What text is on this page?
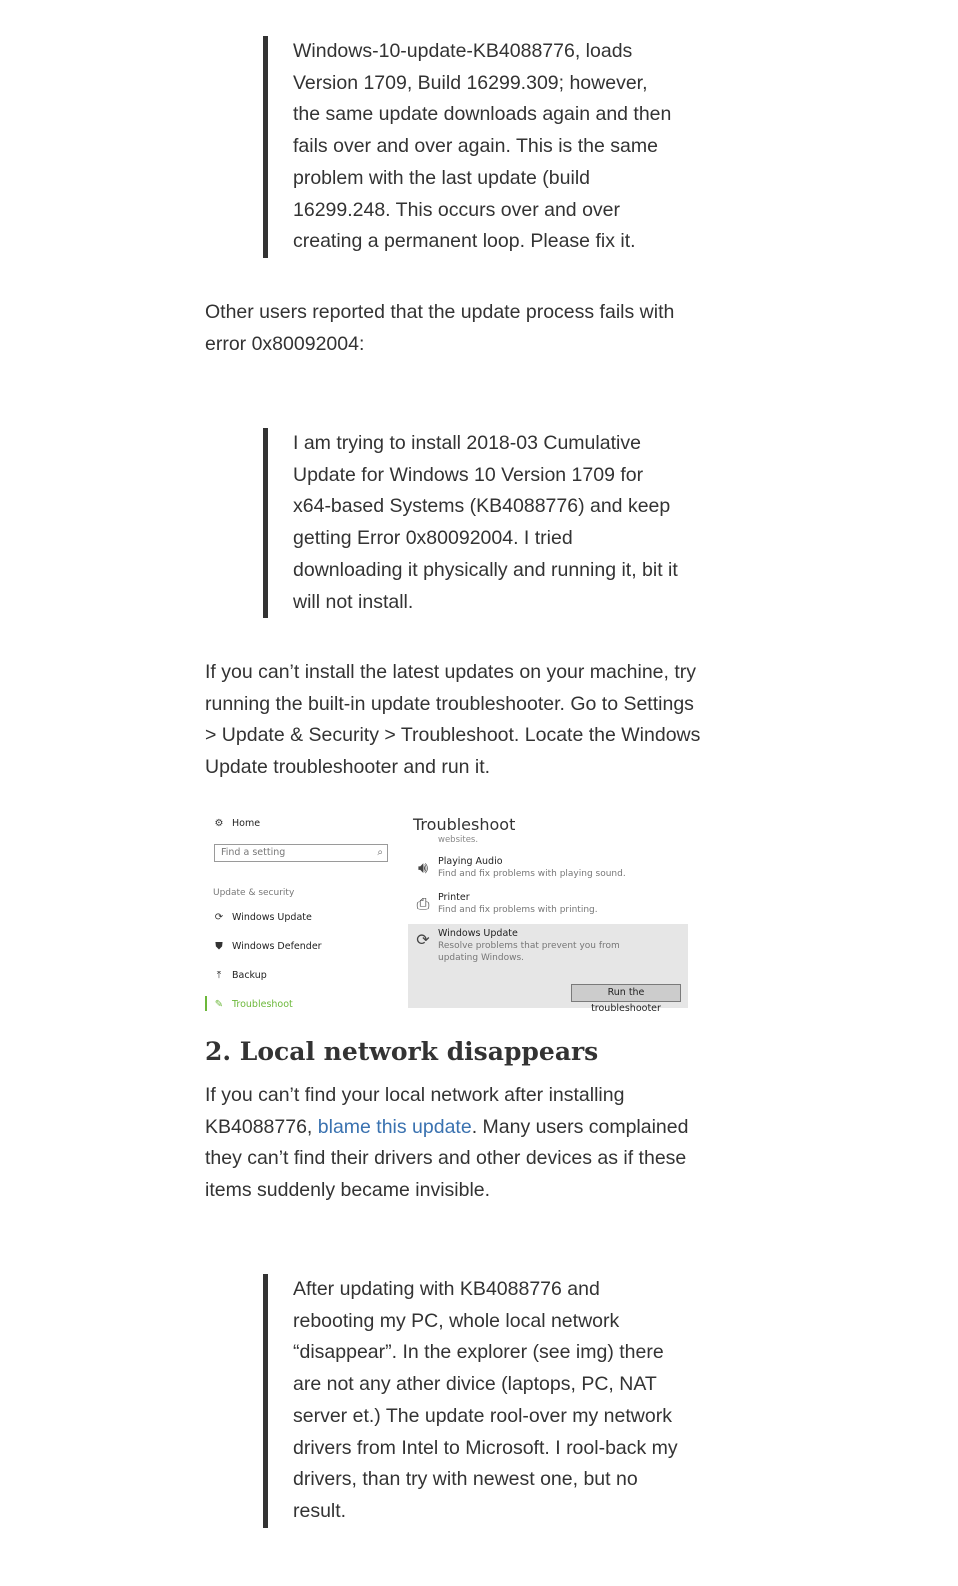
Windows-10-update-KB4088776, loads Version 1709, Build 16299.309; however, the same update downloads again and then fails over and over again. This is the same problem with the last update (build 16299.248. This occurs over and over creating a permanent loop. Please fix it.

Other users reported that the update process fails with error 0x80092004:

I am trying to install 2018-03 Cumulative Update for Windows 10 Version 1709 for x64-based Systems (KB4088776) and keep getting Error 0x80092004. I tried downloading it physically and running it, bit it will not install.

If you can’t install the latest updates on your machine, try running the built-in update troubleshooter. Go to Settings > Update & Security > Troubleshoot. Locate the Windows Update troubleshooter and run it.

⚙ Home
Find a setting	⌕
Update & security
⟳ Windows Update
⛊ Windows Defender
⤒	Backup
✎ Troubleshoot
Troubleshoot
websites.
🔊︎	Playing Audio
Find and fix problems with playing sound.
⎙ Printer
Find and fix problems with printing.
⟳ Windows Update
Resolve problems that prevent you from updating Windows.
Run the troubleshooter
2. Local network disappears

If you can’t find your local network after installing KB4088776, blame this update. Many users complained they can’t find their drivers and other devices as if these items suddenly became invisible.

After updating with KB4088776 and rebooting my PC, whole local network “disappear”. In the explorer (see img) there are not any ather divice (laptops, PC, NAT server et.) The update rool-over my network drivers from Intel to Microsoft. I rool-back my drivers, than try with newest one, but no result.
